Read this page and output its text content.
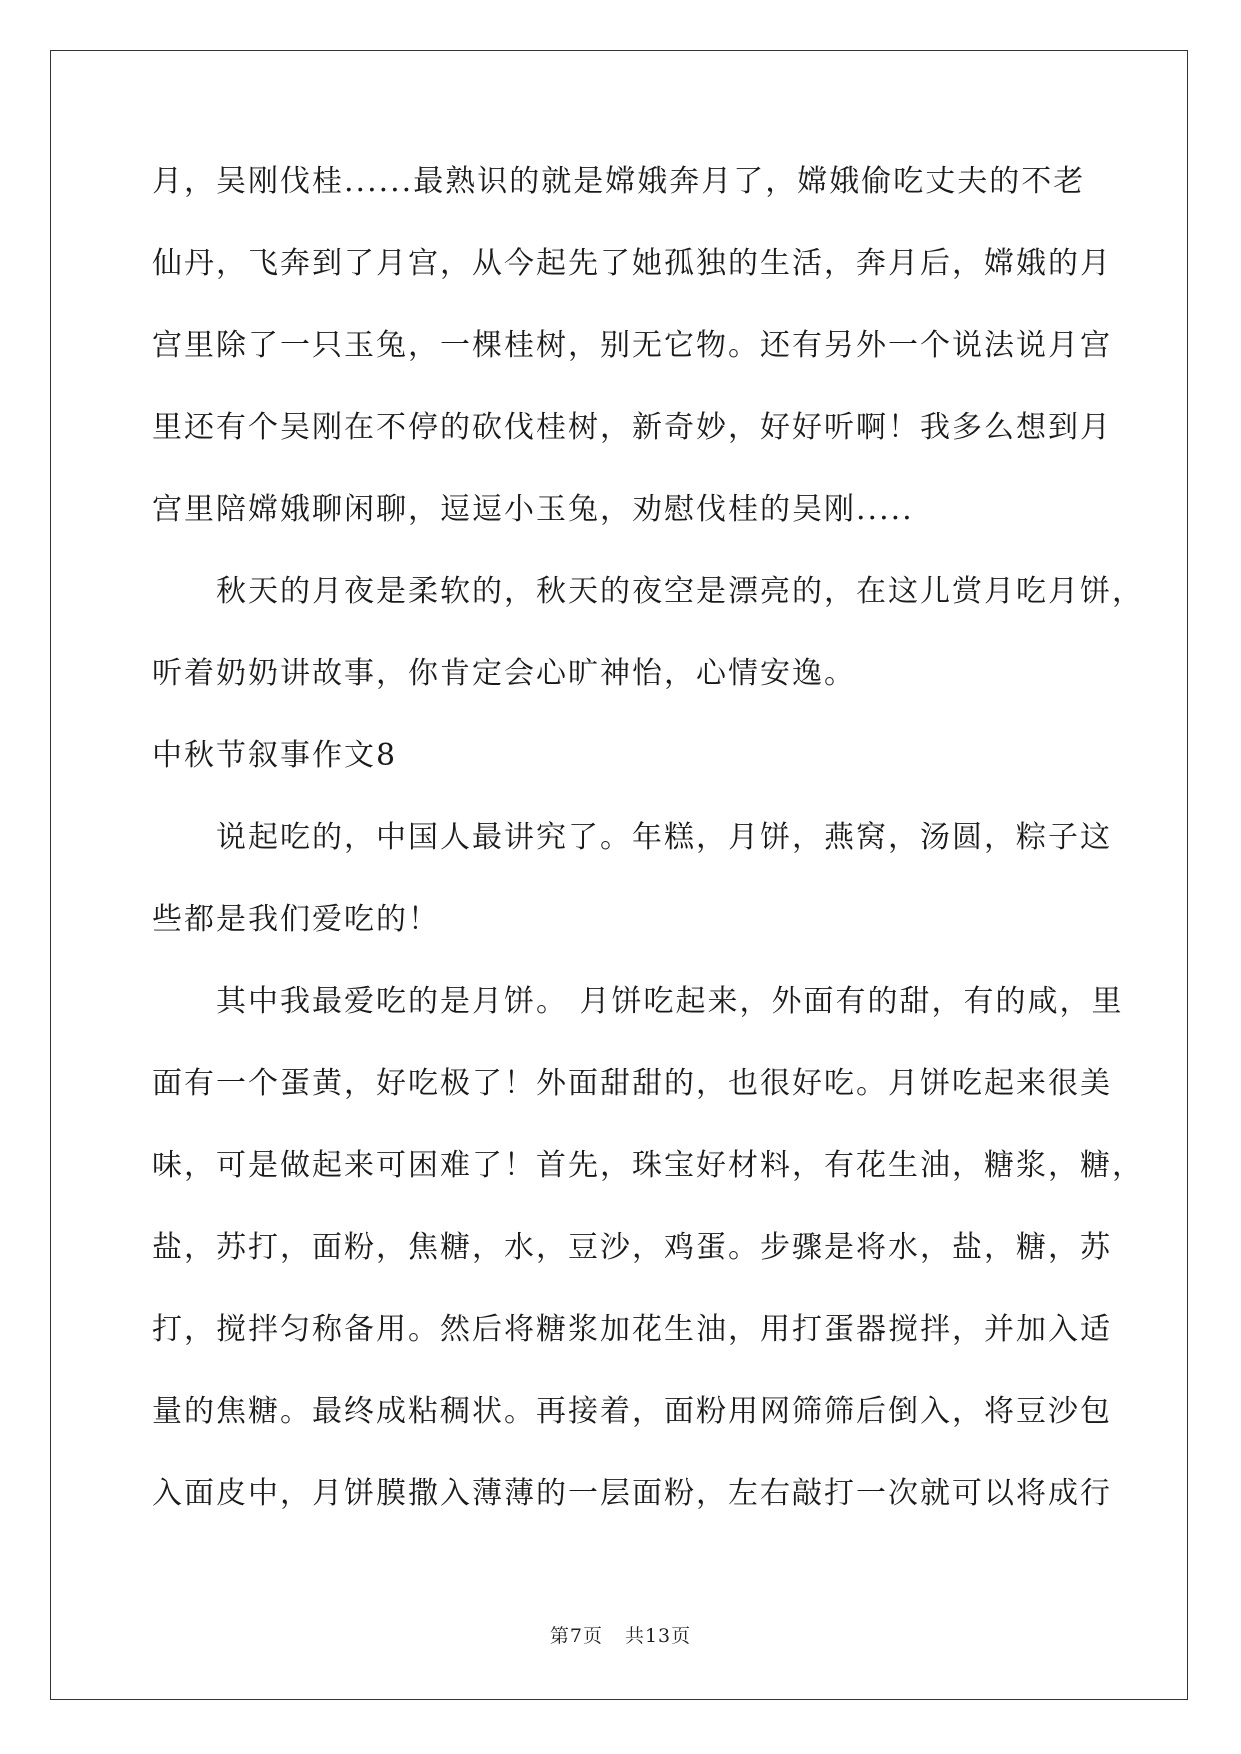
月，吴刚伐桂......最熟识的就是嫦娥奔月了，嫦娥偷吃丈夫的不老
仙丹，飞奔到了月宫，从今起先了她孤独的生活，奔月后，嫦娥的月
宫里除了一只玉兔，一棵桂树，别无它物。还有另外一个说法说月宫
里还有个吴刚在不停的砍伐桂树，新奇妙，好好听啊！我多么想到月
宫里陪嫦娥聊闲聊，逗逗小玉兔，劝慰伐桂的吴刚.....
秋天的月夜是柔软的，秋天的夜空是漂亮的，在这儿赏月吃月饼，
听着奶奶讲故事，你肯定会心旷神怡，心情安逸。
中秋节叙事作文8
说起吃的，中国人最讲究了。年糕，月饼，燕窝，汤圆，粽子这
些都是我们爱吃的！
其中我最爱吃的是月饼。 月饼吃起来，外面有的甜，有的咸，里
面有一个蛋黄，好吃极了！外面甜甜的，也很好吃。月饼吃起来很美
味，可是做起来可困难了！首先，珠宝好材料，有花生油，糖浆，糖，
盐，苏打，面粉，焦糖，水，豆沙，鸡蛋。步骤是将水，盐，糖，苏
打，搅拌匀称备用。然后将糖浆加花生油，用打蛋器搅拌，并加入适
量的焦糖。最终成粘稠状。再接着，面粉用网筛筛后倒入，将豆沙包
入面皮中，月饼膜撒入薄薄的一层面粉，左右敲打一次就可以将成行
第7页 共13页
